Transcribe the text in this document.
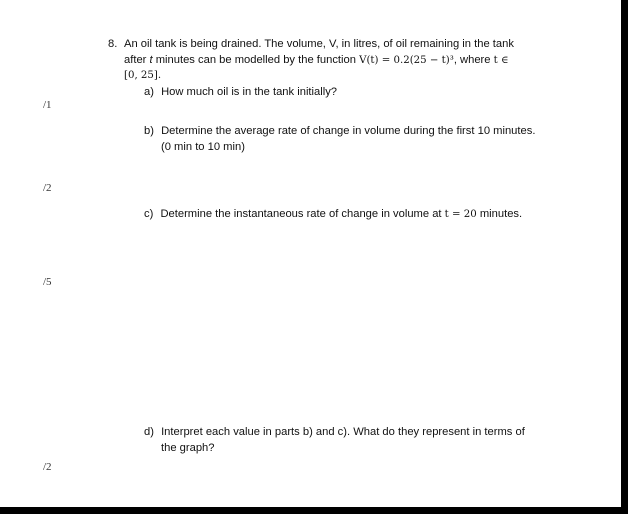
8. An oil tank is being drained. The volume, V, in litres, of oil remaining in the tank
after t minutes can be modelled by the function V(t) = 0.2(25 − t)³, where t ∈
[0, 25].
a) How much oil is in the tank initially?
b) Determine the average rate of change in volume during the first 10 minutes.
(0 min to 10 min)
c) Determine the instantaneous rate of change in volume at t = 20 minutes.
d) Interpret each value in parts b) and c). What do they represent in terms of
the graph?
/1
/2
/5
/2
